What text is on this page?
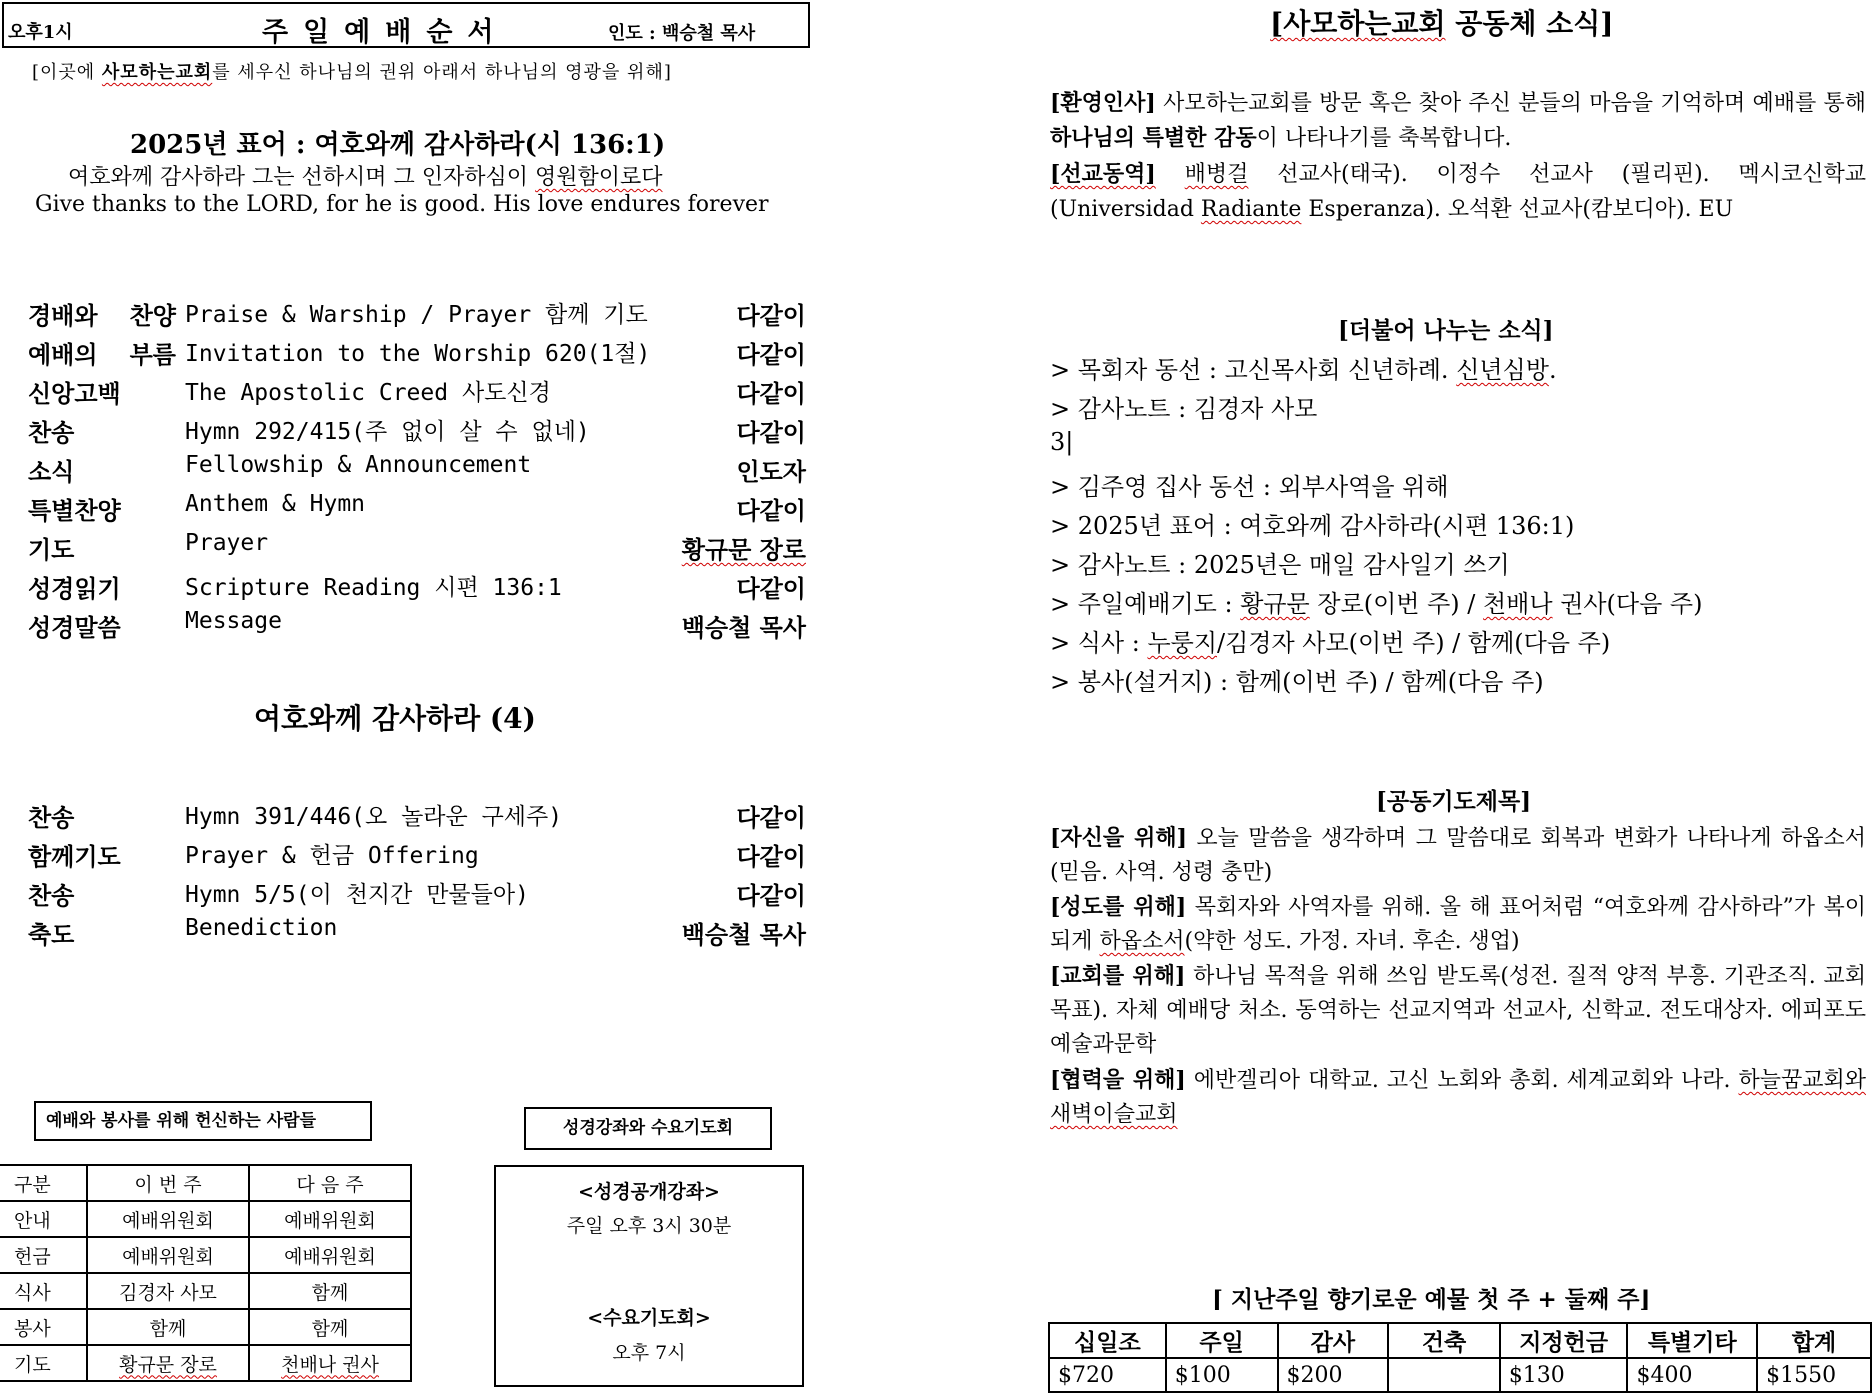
오후1시	주일예배순서	인도 : 백승철 목사
[이곳에 사모하는교회를 세우신 하나님의 권위 아래서 하나님의 영광을 위해]
2025년 표어 : 여호와께 감사하라(시 136:1)
여호와께 감사하라 그는 선하시며 그 인자하심이 영원함이로다
Give thanks to the LORD, for he is good. His love endures forever
경배와 찬양 Praise & Warship / Prayer 함께 기도	다같이
예배의 부름 Invitation to the Worship 620(1절)	다같이
신앙고백	The Apostolic Creed 사도신경	다같이
찬송	Hymn 292/415(주 없이 살 수 없네)	다같이
소식	Fellowship & Announcement	인도자
특별찬양	Anthem & Hymn	다같이
기도	Prayer	황규문 장로
성경읽기	Scripture Reading 시편 136:1	다같이
성경말씀	Message	백승철 목사
여호와께 감사하라 (4)
찬송	Hymn 391/446(오 놀라운 구세주)	다같이
함께기도	Prayer & 헌금 Offering	다같이
찬송	Hymn 5/5(이 천지간 만물들아)	다같이
축도	Benediction	백승철 목사
예배와 봉사를 위해 헌신하는 사람들	성경강좌와 수요기도회
구분	이 번 주	다 음 주
안내	예배위원회	예배위원회
헌금	예배위원회	예배위원회
식사	김경자 사모	함께
봉사	함께	함께
기도	황규문 장로	천배나 권사
<성경공개강좌>
주일 오후 3시 30분
<수요기도회>
오후 7시
[사모하는교회 공동체 소식]
[환영인사] 사모하는교회를 방문 혹은 찾아 주신 분들의 마음을 기억하며 예배를 통해 하나님의 특별한 감동이 나타나기를 축복합니다.
[선교동역] 배병걸 선교사(태국). 이정수 선교사 (필리핀). 멕시코신학교(Universidad Radiante Esperanza). 오석환 선교사(캄보디아). EU
[더불어 나누는 소식]
> 목회자 동선 : 고신목사회 신년하례. 신년심방.
> 감사노트 : 김경자 사모
3|
> 김주영 집사 동선 : 외부사역을 위해
> 2025년 표어 : 여호와께 감사하라(시편 136:1)
> 감사노트 : 2025년은 매일 감사일기 쓰기
> 주일예배기도 : 황규문 장로(이번 주) / 천배나 권사(다음 주)
> 식사 : 누룽지/김경자 사모(이번 주) / 함께(다음 주)
> 봉사(설거지) : 함께(이번 주) / 함께(다음 주)
[공동기도제목]
[자신을 위해] 오늘 말씀을 생각하며 그 말씀대로 회복과 변화가 나타나게 하옵소서(믿음. 사역. 성령 충만)
[성도를 위해] 목회자와 사역자를 위해. 올 해 표어처럼 “여호와께 감사하라”가 복이 되게 하옵소서(약한 성도. 가정. 자녀. 후손. 생업)
[교회를 위해] 하나님 목적을 위해 쓰임 받도록(성전. 질적 양적 부흥. 기관조직. 교회 목표). 자체 예배당 처소. 동역하는 선교지역과 선교사, 신학교. 전도대상자. 에피포도예술과문학
[협력을 위해] 에반겔리아 대학교. 고신 노회와 총회. 세계교회와 나라. 하늘꿈교회와 새벽이슬교회
⌈ 지난주일 향기로운 예물 첫 주 + 둘째 주⌋
십일조	주일	감사	건축	지정헌금	특별기타	합계
$720	$100	$200		$130	$400	$1550
